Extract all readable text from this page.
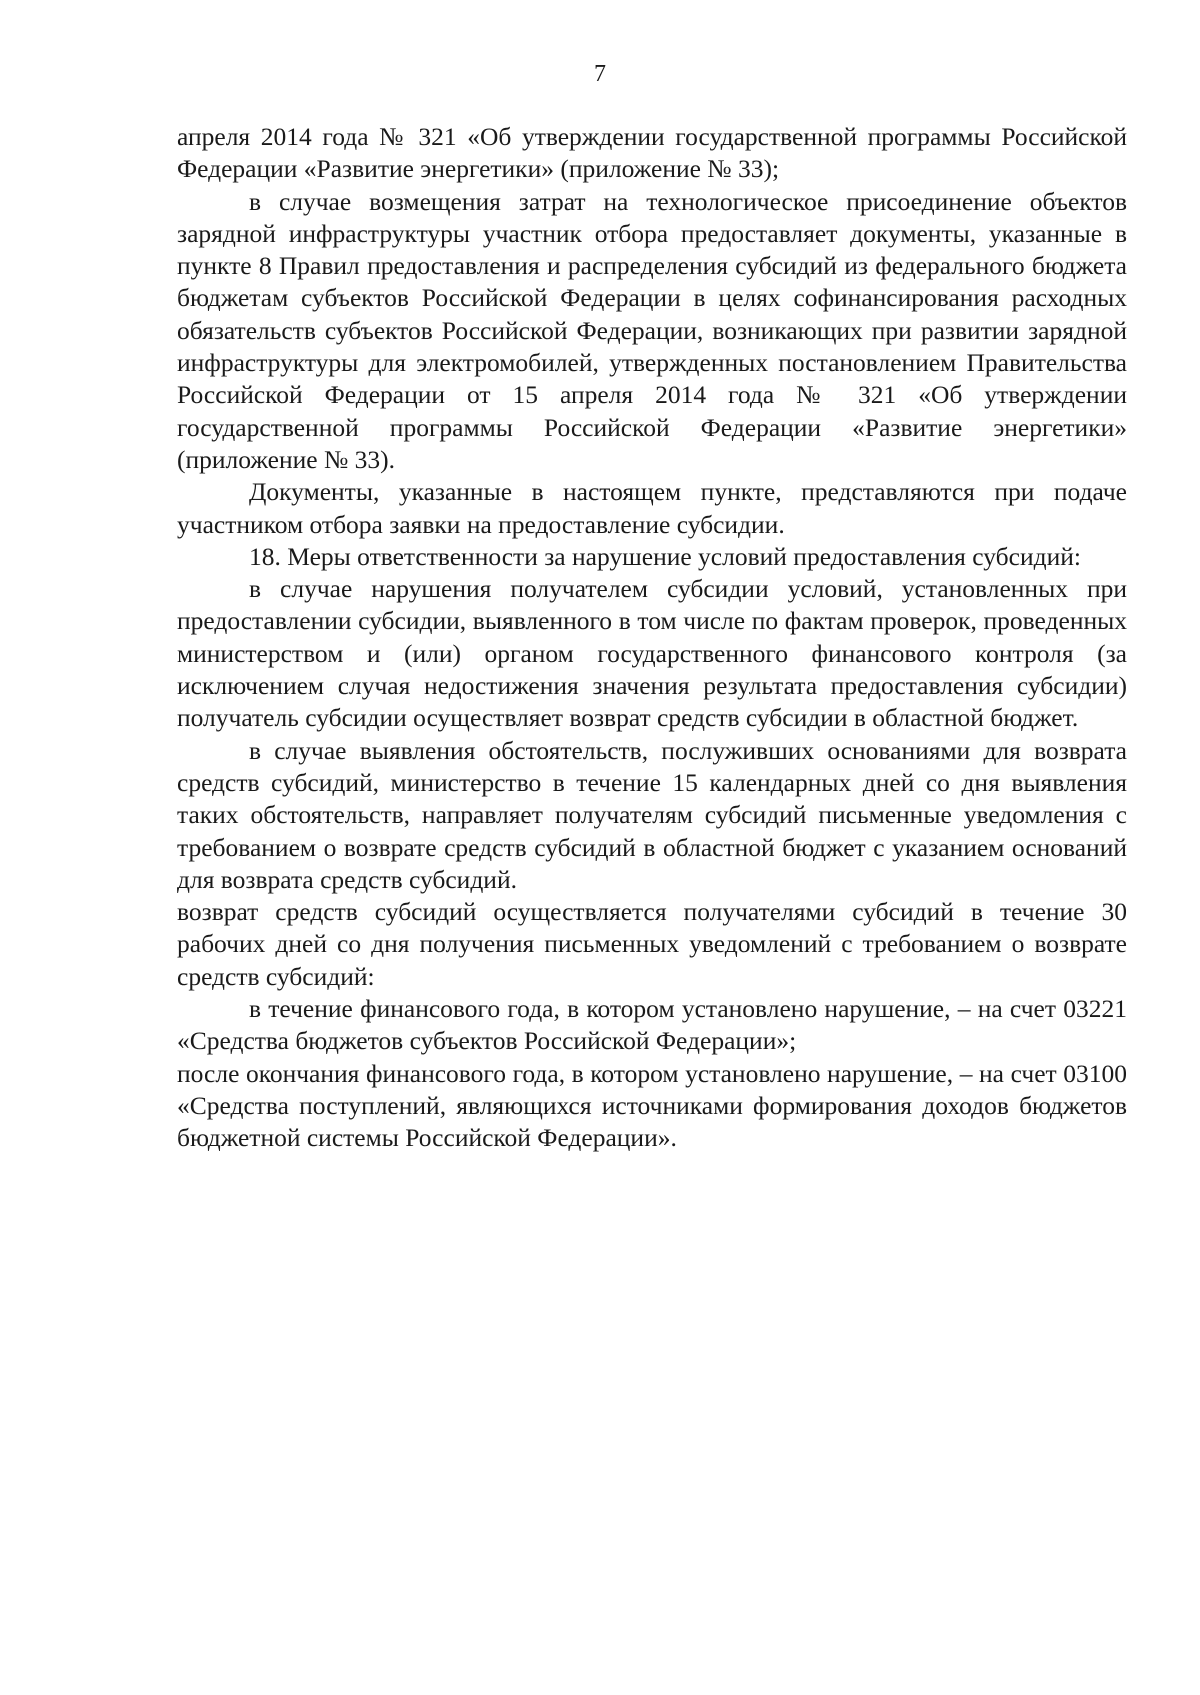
7

апреля 2014 года № 321 «Об утверждении государственной программы Российской Федерации «Развитие энергетики» (приложение № 33);

в случае возмещения затрат на технологическое присоединение объектов зарядной инфраструктуры участник отбора предоставляет документы, указанные в пункте 8 Правил предоставления и распределения субсидий из федерального бюджета бюджетам субъектов Российской Федерации в целях софинансирования расходных обязательств субъектов Российской Федерации, возникающих при развитии зарядной инфраструктуры для электромобилей, утвержденных постановлением Правительства Российской Федерации от 15 апреля 2014 года № 321 «Об утверждении государственной программы Российской Федерации «Развитие энергетики» (приложение № 33).

Документы, указанные в настоящем пункте, представляются при подаче участником отбора заявки на предоставление субсидии.

18. Меры ответственности за нарушение условий предоставления субсидий:

в случае нарушения получателем субсидии условий, установленных при предоставлении субсидии, выявленного в том числе по фактам проверок, проведенных министерством и (или) органом государственного финансового контроля (за исключением случая недостижения значения результата предоставления субсидии) получатель субсидии осуществляет возврат средств субсидии в областной бюджет.

в случае выявления обстоятельств, послуживших основаниями для возврата средств субсидий, министерство в течение 15 календарных дней со дня выявления таких обстоятельств, направляет получателям субсидий письменные уведомления с требованием о возврате средств субсидий в областной бюджет с указанием оснований для возврата средств субсидий.

возврат средств субсидий осуществляется получателями субсидий в течение 30 рабочих дней со дня получения письменных уведомлений с требованием о возврате средств субсидий:

в течение финансового года, в котором установлено нарушение, – на счет 03221 «Средства бюджетов субъектов Российской Федерации»;

после окончания финансового года, в котором установлено нарушение, – на счет 03100 «Средства поступлений, являющихся источниками формирования доходов бюджетов бюджетной системы Российской Федерации».
